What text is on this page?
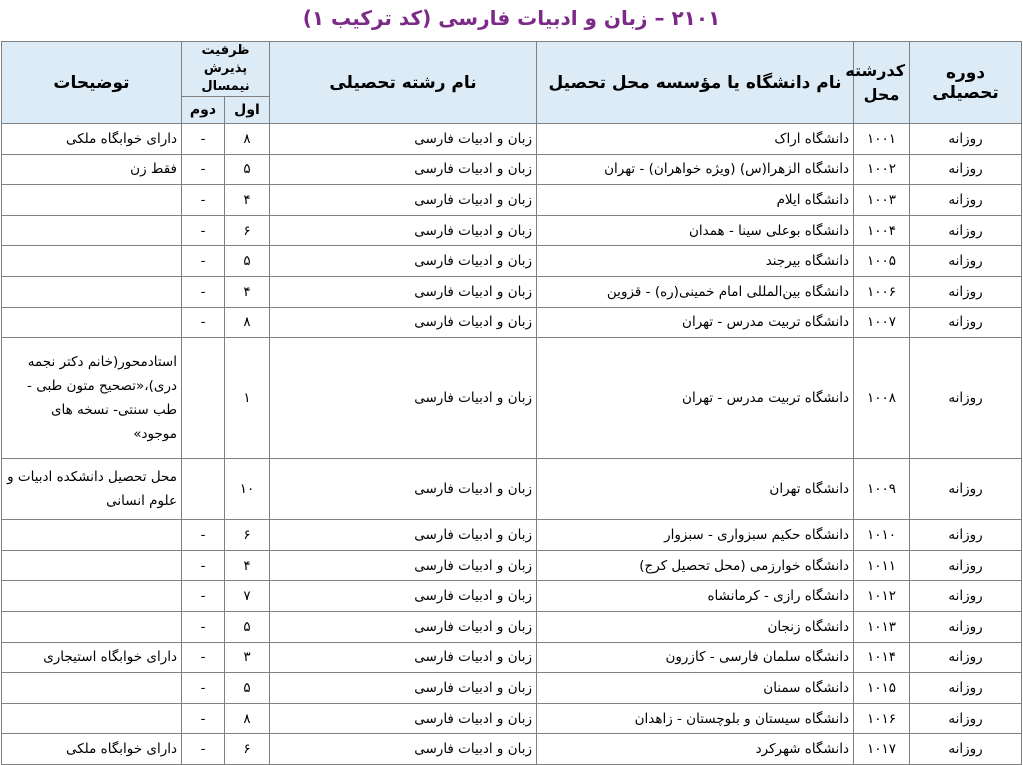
۲۱۰۱ – زبان و ادبیات فارسی (کد ترکیب ۱)
دوره تحصیلی	کدرشته محل	نام دانشگاه یا مؤسسه محل تحصیل	نام رشته تحصیلی	ظرفیت پذیرش نیمسال		توضیحات
				اول	دوم	
روزانه	۱۰۰۱	دانشگاه اراک	زبان و ادبیات فارسی	۸	-	دارای خوابگاه ملکی
روزانه	۱۰۰۲	دانشگاه الزهرا(س) (ویژه خواهران) - تهران	زبان و ادبیات فارسی	۵	-	فقط زن
روزانه	۱۰۰۳	دانشگاه ایلام	زبان و ادبیات فارسی	۴	-	
روزانه	۱۰۰۴	دانشگاه بوعلی سینا - همدان	زبان و ادبیات فارسی	۶	-	
روزانه	۱۰۰۵	دانشگاه بیرجند	زبان و ادبیات فارسی	۵	-	
روزانه	۱۰۰۶	دانشگاه بین‌المللی امام خمینی(ره) - قزوین	زبان و ادبیات فارسی	۴	-	
روزانه	۱۰۰۷	دانشگاه تربیت مدرس - تهران	زبان و ادبیات فارسی	۸	-	
روزانه	۱۰۰۸	دانشگاه تربیت مدرس - تهران	زبان و ادبیات فارسی	۱		استادمحور(خانم دکتر نجمه دری)،«تصحیح متون طبی - طب سنتی- نسخه های موجود»
روزانه	۱۰۰۹	دانشگاه تهران	زبان و ادبیات فارسی	۱۰		محل تحصیل دانشکده ادبیات و علوم انسانی
روزانه	۱۰۱۰	دانشگاه حکیم سبزواری - سبزوار	زبان و ادبیات فارسی	۶	-	
روزانه	۱۰۱۱	دانشگاه خوارزمی (محل تحصیل کرج)	زبان و ادبیات فارسی	۴	-	
روزانه	۱۰۱۲	دانشگاه رازی - کرمانشاه	زبان و ادبیات فارسی	۷	-	
روزانه	۱۰۱۳	دانشگاه زنجان	زبان و ادبیات فارسی	۵	-	
روزانه	۱۰۱۴	دانشگاه سلمان فارسی - کازرون	زبان و ادبیات فارسی	۳	-	دارای خوابگاه استیجاری
روزانه	۱۰۱۵	دانشگاه سمنان	زبان و ادبیات فارسی	۵	-	
روزانه	۱۰۱۶	دانشگاه سیستان و بلوچستان - زاهدان	زبان و ادبیات فارسی	۸	-	
روزانه	۱۰۱۷	دانشگاه شهرکرد	زبان و ادبیات فارسی	۶	-	دارای خوابگاه ملکی
